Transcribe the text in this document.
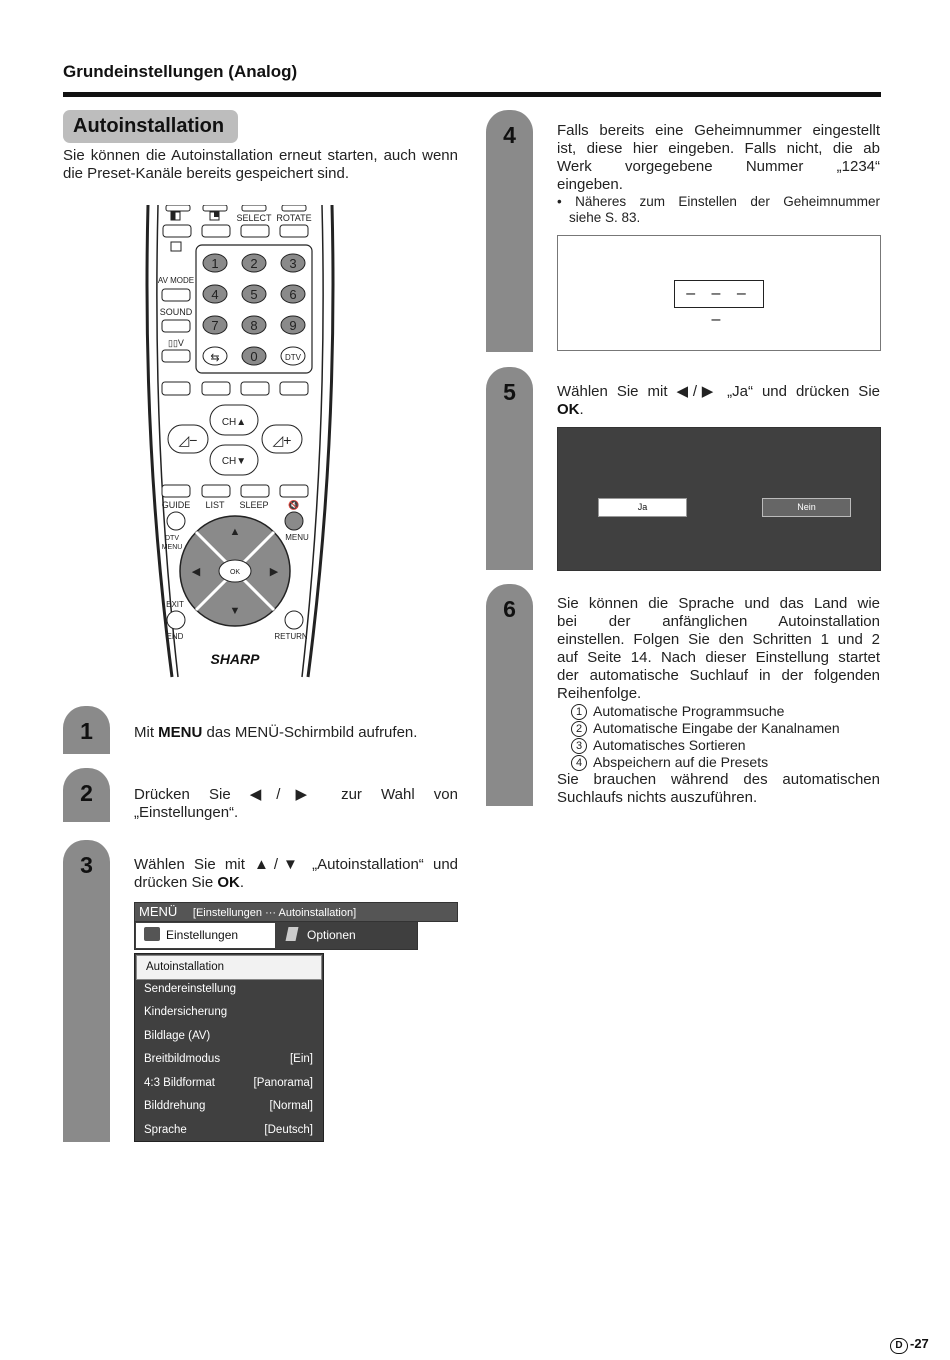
Grundeinstellungen (Analog)
Autoinstallation
Sie können die Autoinstallation erneut starten, auch wenn die Preset-Kanäle bereits gespeichert sind.
SELECT ROTATE
AV MODE
SOUND
▯▯V
1 2 3
4 5 6
7 8 9
⇆ 0	DTV
CH▲
CH▼
◿−	◿+
GUIDE LIST SLEEP 🔇
DTV
MENU
MENU
OK
▲
▼
◀	▶
EXIT
END	RETURN
SHARP
1	Mit MENU das MENÜ-Schirmbild aufrufen.
2	Drücken Sie ◀/▶ zur Wahl von
„Einstellungen“.
3	Wählen Sie mit ▲/▼ „Autoinstallation“ und
drücken Sie OK.
MENÜ [Einstellungen ··· Autoinstallation]
Einstellungen	Optionen
Autoinstallation
Sendereinstellung
Kindersicherung
Bildlage (AV)
Breitbildmodus	[Ein]
4:3 Bildformat	[Panorama]
Bilddrehung	[Normal]
Sprache	[Deutsch]
4	Falls bereits eine Geheimnummer eingestellt
ist, diese hier eingeben. Falls nicht, die ab
Werk vorgegebene Nummer „1234“
eingeben.
• Näheres zum Einstellen der Geheimnummer
siehe S. 83.
– – – –
5	Wählen Sie mit ◀/▶ „Ja“ und drücken Sie
OK.
Ja	Nein
6	Sie können die Sprache und das Land wie
bei der anfänglichen Autoinstallation
einstellen. Folgen Sie den Schritten 1 und 2
auf Seite 14. Nach dieser Einstellung startet
der automatische Suchlauf in der folgenden
Reihenfolge.
1 Automatische Programmsuche
2 Automatische Eingabe der Kanalnamen
3 Automatisches Sortieren
4 Abspeichern auf die Presets
Sie brauchen während des automatischen
Suchlaufs nichts auszuführen.
D -27
